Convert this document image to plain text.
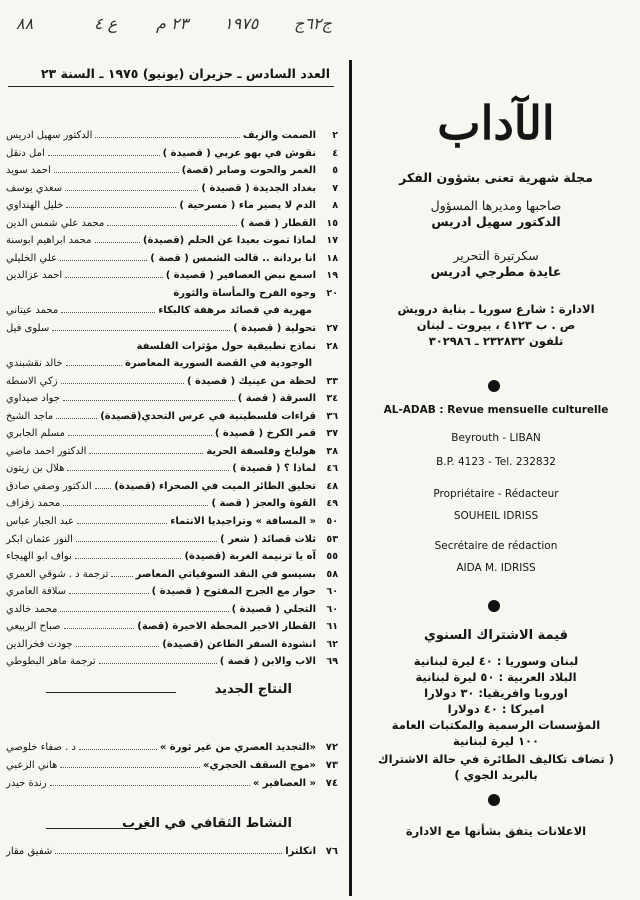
٨٨	ع ٤ ٢٣ م ١٩٧٥ ج٦٢ج
العدد السادس ـ حزيران (يونيو) ١٩٧٥ ـ السنة ٢٣
٢
الصمت والزيف
الدكتور سهيل ادريس
٤
نقوش في بهو عربي ( قصيدة )
امل دنقل
٥
الغمر والحوت وصابر (قصة)
احمد سويد
٧
بغداد الجديدة ( قصيدة )
سعدي يوسف
٨
الدم لا يصير ماء ( مسرحية )
خليل الهنداوي
١٥
القطار ( قصة )
محمد علي شمس الدين
١٧
لماذا تموت بعيدا عن الحلم (قصيدة)
محمد ابراهيم ابوسنة
١٨
انا بردانة .. قالت الشمس ( قصة )
علي الخليلي
١٩
اسمع نبض العصافير ( قصيدة )
احمد عزالدين
٢٠
وجوه الفرح والمأساة والثورة
مهرية في قصائد مرهفة كالبكاء
محمد عيتاني
٢٧
تحولية ( قصيدة )
سلوى فيل
٢٨
نماذج تطبيقية حول مؤثرات الفلسفة
الوجودية في القصة السورية المعاصرة
خالد نقشبندي
٣٣
لحظة من عينيك ( قصيدة )
زكي الاسطه
٣٤
السرقة ( قصة )
جواد صيداوي
٣٦
قراءات فلسطينية في عرس التحدي(قصيدة)
ماجد الشيخ
٣٧
قمر الكرخ ( قصيدة )
مسلم الجابري
٣٨
هولباخ وفلسفة الحرية
الدكتور احمد ماضي
٤٦
لماذا ؟ ( قصيدة )
هلال بن زيتون
٤٨
تحليق الطائر الميت في الصحراء (قصيدة)
الدكتور وصفي صادق
٤٩
القوة والعجز ( قصة )
محمد زفزاف
٥٠
« المسافة » وتراجيديا الانتماء
عبد الجبار عباس
٥٣
ثلاث قصائد ( شعر )
النور عثمان ابكر
٥٥
آه يا ترنيمة الغربة (قصيدة)
نواف ابو الهيجاء
٥٨
بسيسو في النقد السوفياتي المعاصر
ترجمة د . شوقي العمري
٦٠
حوار مع الجرح المفتوح ( قصيدة )
سلافة العامري
٦٠
التجلي ( قصيدة )
محمد خالدي
٦١
القطار الاخير المحطة الاخيرة (قصة)
صباح الربيعي
٦٢
انشودة السفر الطاعن (قصيدة)
جودت فخرالدين
٦٩
الاب والابن ( قصة )
ترجمة ماهر البطوطي
النتاج الجديد
٧٢
«التجديد العصري من غير ثورة »
د . صفاء خلوصي
٧٣
«موج السقف الحجري»
هاني الزعبي
٧٤
« العصافير »
رندة حيدر
النشاط الثقافي في الغرب
٧٦
انكلترا
شفيق مقار
الآداب
مجلة شهرية تعنى بشؤون الفكر
صاحبها ومديرها المسؤول
الدكتور سهيل ادريس
سكرتيرة التحرير
عايدة مطرجي ادريس
الادارة : شارع سوريا ـ بناية درويش
ص . ب ٤١٢٣ ، بيروت ـ لبنان
تلفون ٢٣٢٨٣٢ ـ ٣٠٢٩٨٦
AL-ADAB : Revue mensuelle culturelle
Beyrouth - LIBAN
B.P. 4123 - Tel. 232832
Propriétaire - Rédacteur
SOUHEIL IDRISS
Secrétaire de rédaction
AIDA M. IDRISS
قيمة الاشتراك السنوي
لبنان وسوريا : ٤٠ ليرة لبنانية
البلاد العربية : ٥٠ ليرة لبنانية
اوروبا وافريقيا: ٣٠ دولارا
اميركا : ٤٠ دولارا
المؤسسات الرسمية والمكتبات العامة
١٠٠ ليرة لبنانية
( تضاف تكاليف الطائرة في حالة الاشتراك
بالبريد الجوي )
الاعلانات يتفق بشأنها مع الادارة
